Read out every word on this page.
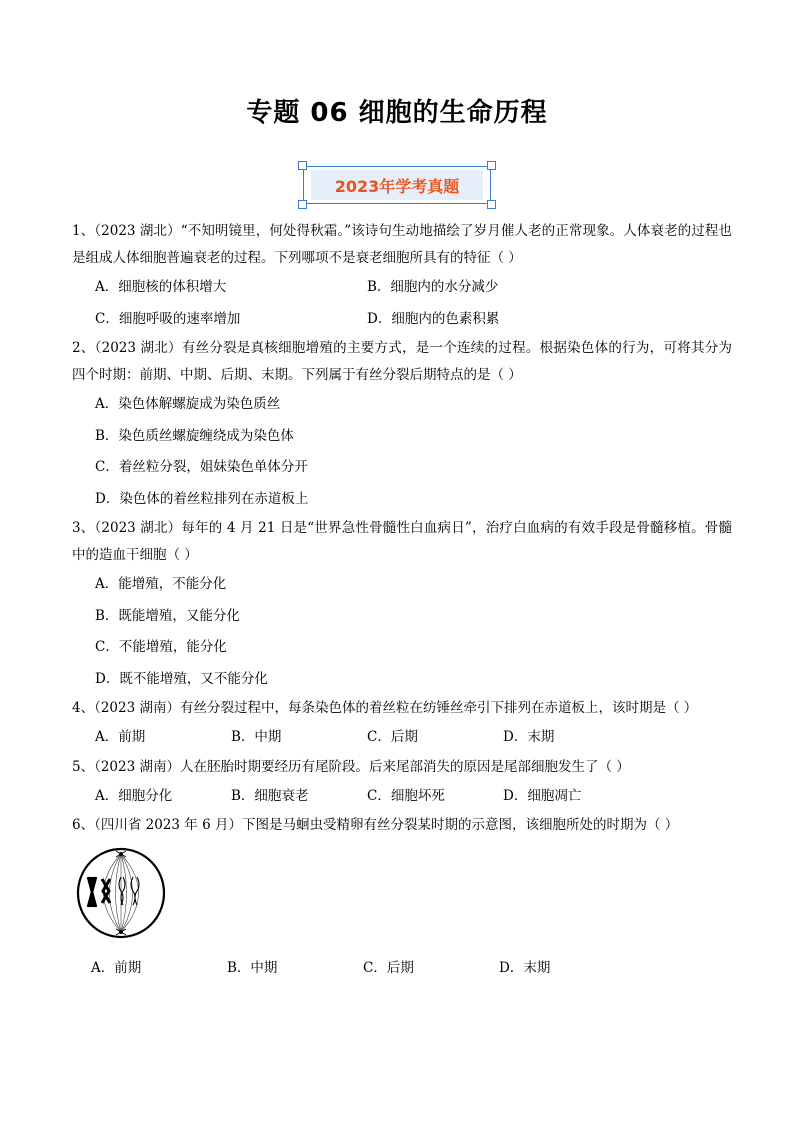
专题 06 细胞的生命历程
2023年学考真题
1、（2023 湖北）“不知明镜里，何处得秋霜。”该诗句生动地描绘了岁月催人老的正常现象。人体衰老的过程也是组成人体细胞普遍衰老的过程。下列哪项不是衰老细胞所具有的特征（ ）
A．细胞核的体积增大	B．细胞内的水分减少
C．细胞呼吸的速率增加	D．细胞内的色素积累
2、（2023 湖北）有丝分裂是真核细胞增殖的主要方式，是一个连续的过程。根据染色体的行为，可将其分为四个时期：前期、中期、后期、末期。下列属于有丝分裂后期特点的是（ ）
A．染色体解螺旋成为染色质丝
B．染色质丝螺旋缠绕成为染色体
C．着丝粒分裂，姐妹染色单体分开
D．染色体的着丝粒排列在赤道板上
3、（2023 湖北）每年的 4 月 21 日是“世界急性骨髓性白血病日”，治疗白血病的有效手段是骨髓移植。骨髓中的造血干细胞（ ）
A．能增殖，不能分化
B．既能增殖，又能分化
C．不能增殖，能分化
D．既不能增殖，又不能分化
4、（2023 湖南）有丝分裂过程中，每条染色体的着丝粒在纺锤丝牵引下排列在赤道板上，该时期是（ ）
A．前期	B．中期	C．后期	D．末期
5、（2023 湖南）人在胚胎时期要经历有尾阶段。后来尾部消失的原因是尾部细胞发生了（ ）
A．细胞分化	B．细胞衰老	C．细胞坏死	D．细胞凋亡
6、（四川省 2023 年 6 月）下图是马蛔虫受精卵有丝分裂某时期的示意图，该细胞所处的时期为（ ）
A．前期	B．中期	C．后期	D．末期
